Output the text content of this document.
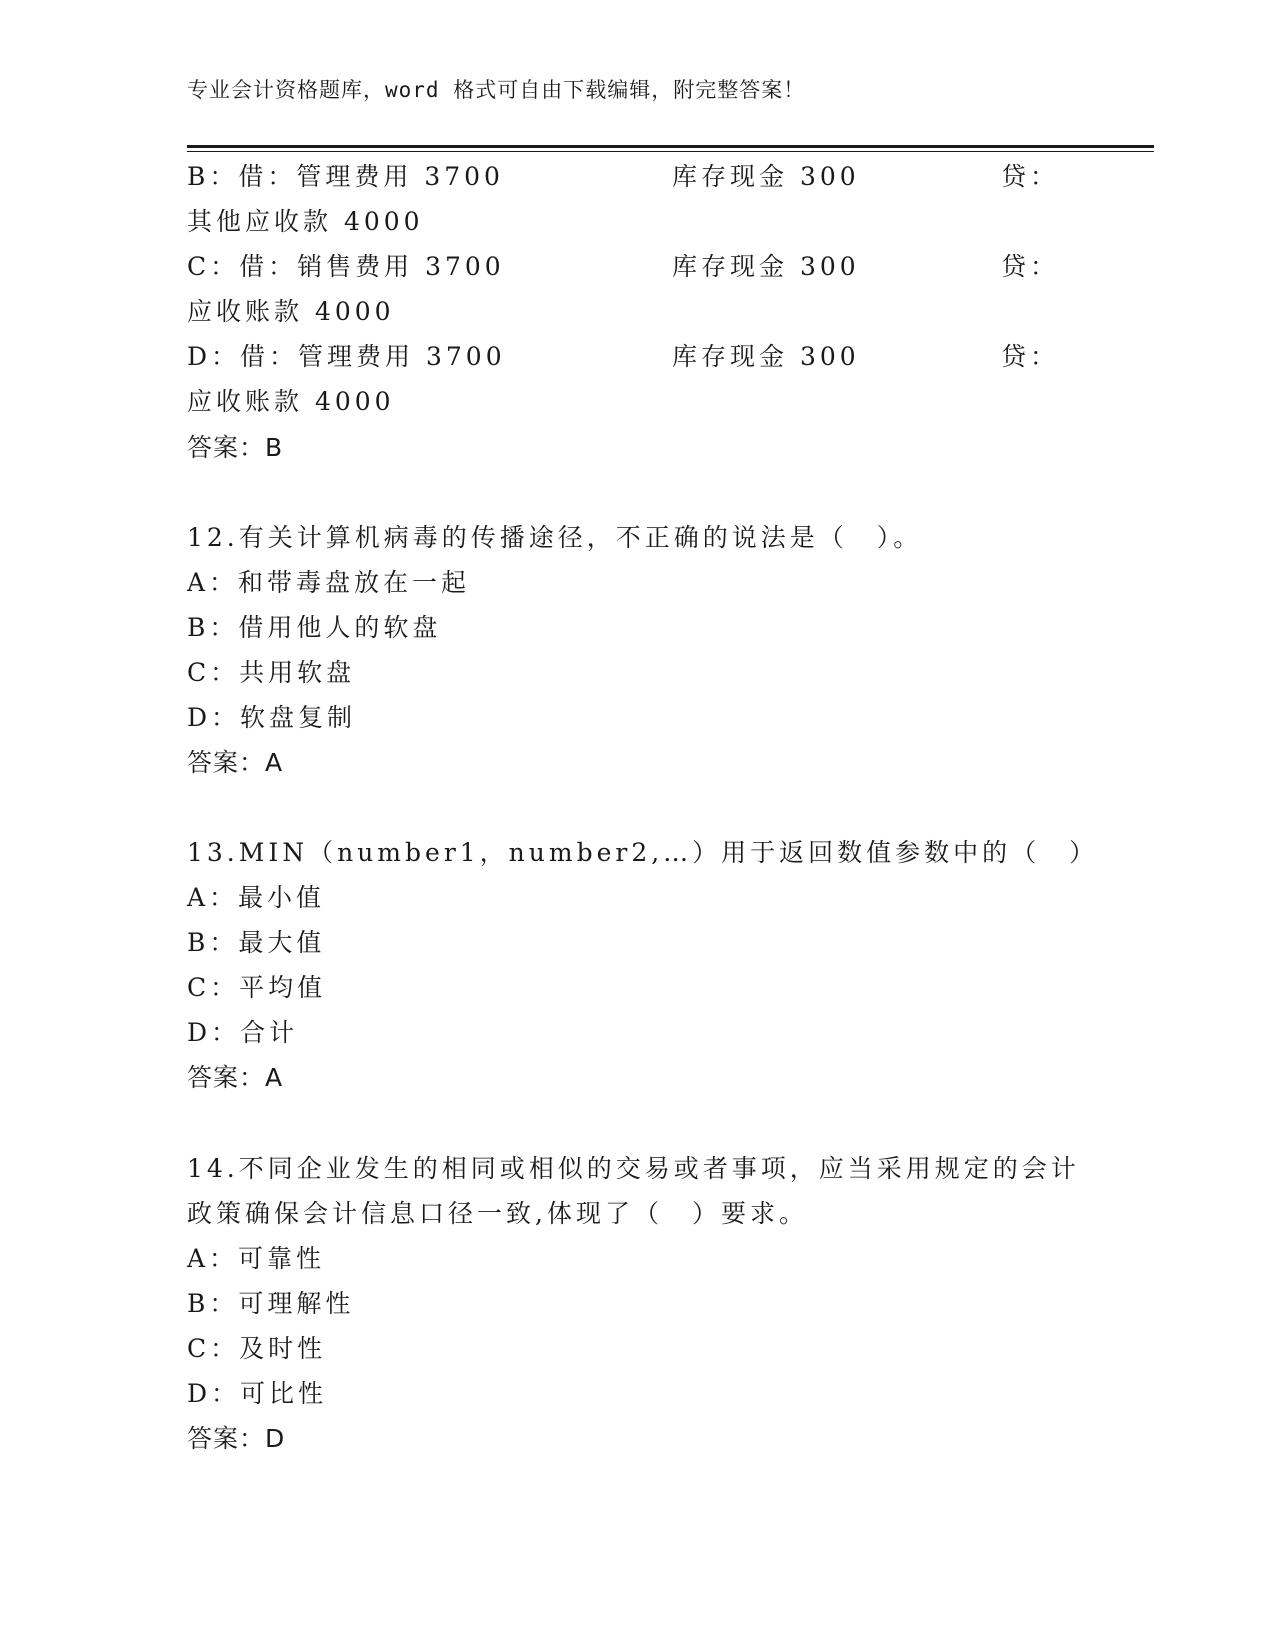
专业会计资格题库，word 格式可自由下载编辑，附完整答案！
B：借：管理费用 3700	库存现金 300	贷：
其他应收款 4000
C：借：销售费用 3700	库存现金 300	贷：
应收账款 4000
D：借：管理费用 3700	库存现金 300	贷：
应收账款 4000
答案：B
12.有关计算机病毒的传播途径，不正确的说法是（　）。
A：和带毒盘放在一起
B：借用他人的软盘
C：共用软盘
D：软盘复制
答案：A
13.MIN（number1，number2,…）用于返回数值参数中的（　）
A：最小值
B：最大值
C：平均值
D：合计
答案：A
14.不同企业发生的相同或相似的交易或者事项，应当采用规定的会计
政策确保会计信息口径一致,体现了（　）要求。
A：可靠性
B：可理解性
C：及时性
D：可比性
答案：D
